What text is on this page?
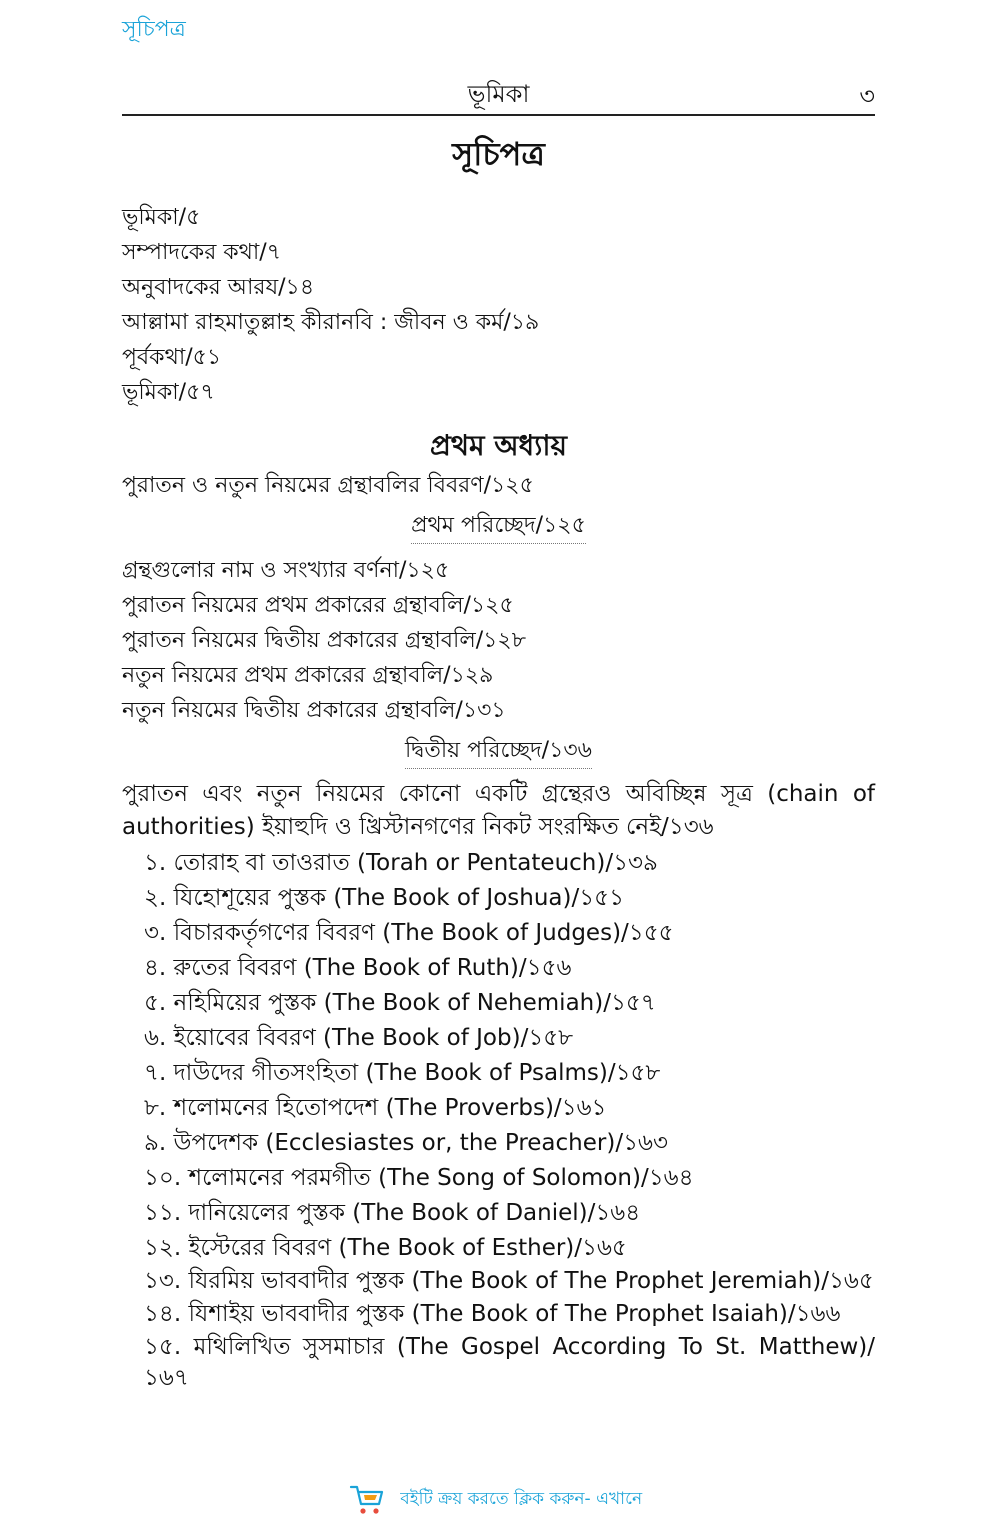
সূচিপত্র
ভূমিকা	৩
সূচিপত্র
ভূমিকা/৫
সম্পাদকের কথা/৭
অনুবাদকের আরয/১৪
আল্লামা রাহমাতুল্লাহ কীরানবি : জীবন ও কর্ম/১৯
পূর্বকথা/৫১
ভূমিকা/৫৭
প্রথম অধ্যায়
পুরাতন ও নতুন নিয়মের গ্রন্থাবলির বিবরণ/১২৫
প্রথম পরিচ্ছেদ/১২৫
গ্রন্থগুলোর নাম ও সংখ্যার বর্ণনা/১২৫
পুরাতন নিয়মের প্রথম প্রকারের গ্রন্থাবলি/১২৫
পুরাতন নিয়মের দ্বিতীয় প্রকারের গ্রন্থাবলি/১২৮
নতুন নিয়মের প্রথম প্রকারের গ্রন্থাবলি/১২৯
নতুন নিয়মের দ্বিতীয় প্রকারের গ্রন্থাবলি/১৩১
দ্বিতীয় পরিচ্ছেদ/১৩৬
পুরাতন এবং নতুন নিয়মের কোনো একটি গ্রন্থেরও অবিচ্ছিন্ন সূত্র (chain of authorities) ইয়াহুদি ও খ্রিস্টানগণের নিকট সংরক্ষিত নেই/১৩৬
১. তোরাহ বা তাওরাত (Torah or Pentateuch)/১৩৯
২. যিহোশূয়ের পুস্তক (The Book of Joshua)/১৫১
৩. বিচারকর্তৃগণের বিবরণ (The Book of Judges)/১৫৫
৪. রুতের বিবরণ (The Book of Ruth)/১৫৬
৫. নহিমিয়ের পুস্তক (The Book of Nehemiah)/১৫৭
৬. ইয়োবের বিবরণ (The Book of Job)/১৫৮
৭. দাউদের গীতসংহিতা (The Book of Psalms)/১৫৮
৮. শলোমনের হিতোপদেশ (The Proverbs)/১৬১
৯. উপদেশক (Ecclesiastes or, the Preacher)/১৬৩
১০. শলোমনের পরমগীত (The Song of Solomon)/১৬৪
১১. দানিয়েলের পুস্তক (The Book of Daniel)/১৬৪
১২. ইস্টেরের বিবরণ (The Book of Esther)/১৬৫
১৩. যিরমিয় ভাববাদীর পুস্তক (The Book of The Prophet Jeremiah)/১৬৫
১৪. যিশাইয় ভাববাদীর পুস্তক (The Book of The Prophet Isaiah)/১৬৬
১৫. মথিলিখিত সুসমাচার (The Gospel According To St. Matthew)/১৬৭
বইটি ক্রয় করতে ক্লিক করুন- এখানে
